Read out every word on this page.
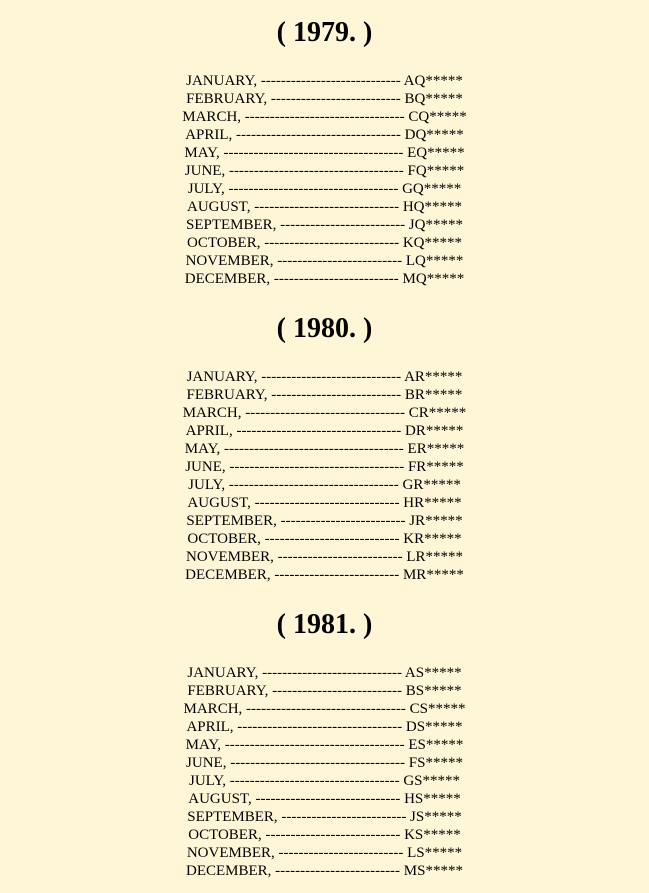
( 1979. )
JANUARY, ---------------------------- AQ*****
FEBRUARY, -------------------------- BQ*****
MARCH, -------------------------------- CQ*****
APRIL, --------------------------------- DQ*****
MAY, ------------------------------------ EQ*****
JUNE, ----------------------------------- FQ*****
JULY, ---------------------------------- GQ*****
AUGUST, ----------------------------- HQ*****
SEPTEMBER, ------------------------- JQ*****
OCTOBER, --------------------------- KQ*****
NOVEMBER, ------------------------- LQ*****
DECEMBER, ------------------------- MQ*****
( 1980. )
JANUARY, ---------------------------- AR*****
FEBRUARY, -------------------------- BR*****
MARCH, -------------------------------- CR*****
APRIL, --------------------------------- DR*****
MAY, ------------------------------------ ER*****
JUNE, ----------------------------------- FR*****
JULY, ---------------------------------- GR*****
AUGUST, ----------------------------- HR*****
SEPTEMBER, ------------------------- JR*****
OCTOBER, --------------------------- KR*****
NOVEMBER, ------------------------- LR*****
DECEMBER, ------------------------- MR*****
( 1981. )
JANUARY, ---------------------------- AS*****
FEBRUARY, -------------------------- BS*****
MARCH, -------------------------------- CS*****
APRIL, --------------------------------- DS*****
MAY, ------------------------------------ ES*****
JUNE, ----------------------------------- FS*****
JULY, ---------------------------------- GS*****
AUGUST, ----------------------------- HS*****
SEPTEMBER, ------------------------- JS*****
OCTOBER, --------------------------- KS*****
NOVEMBER, ------------------------- LS*****
DECEMBER, ------------------------- MS*****
